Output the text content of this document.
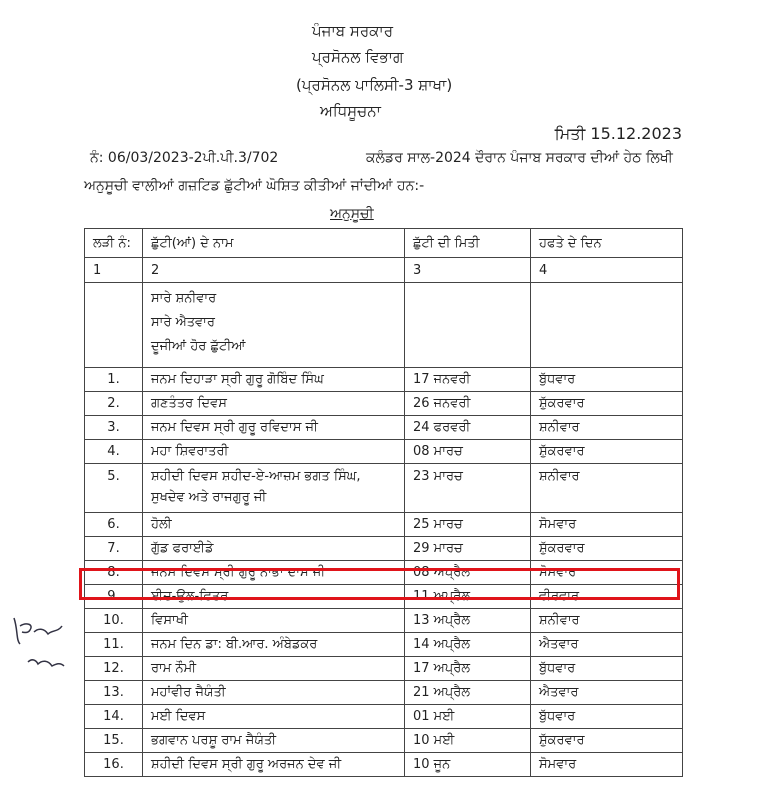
ਪੰਜਾਬ ਸਰਕਾਰ
ਪ੍ਰਸੋਨਲ ਵਿਭਾਗ
(ਪ੍ਰਸੋਨਲ ਪਾਲਿਸੀ-3 ਸ਼ਾਖਾ)
ਅਧਿਸੂਚਨਾ
ਮਿਤੀ 15.12.2023
ਨੰ: 06/03/2023-2ਪੀ.ਪੀ.3/702	ਕਲੰਡਰ ਸਾਲ-2024 ਦੌਰਾਨ ਪੰਜਾਬ ਸਰਕਾਰ ਦੀਆਂ ਹੇਠ ਲਿਖੀ
ਅਨੁਸੂਚੀ ਵਾਲੀਆਂ ਗਜ਼ਟਿਡ ਛੁੱਟੀਆਂ ਘੋਸ਼ਿਤ ਕੀਤੀਆਂ ਜਾਂਦੀਆਂ ਹਨ:-
ਅਨੁਸੂਚੀ
ਲੜੀ ਨੰ:	ਛੁੱਟੀ(ਆਂ) ਦੇ ਨਾਮ	ਛੁੱਟੀ ਦੀ ਮਿਤੀ	ਹਫਤੇ ਦੇ ਦਿਨ
1	2	3	4

	ਸਾਰੇ ਸ਼ਨੀਵਾਰ
ਸਾਰੇ ਐਤਵਾਰ
ਦੂਜੀਆਂ ਹੋਰ ਛੁੱਟੀਆਂ		

1.	ਜਨਮ ਦਿਹਾੜਾ ਸ੍ਰੀ ਗੁਰੂ ਗੋਬਿੰਦ ਸਿੰਘ	17 ਜਨਵਰੀ	ਬੁੱਧਵਾਰ
2.	ਗਣਤੰਤਰ ਦਿਵਸ	26 ਜਨਵਰੀ	ਸ਼ੁੱਕਰਵਾਰ
3.	ਜਨਮ ਦਿਵਸ ਸ੍ਰੀ ਗੁਰੂ ਰਵਿਦਾਸ ਜੀ	24 ਫਰਵਰੀ	ਸ਼ਨੀਵਾਰ
4.	ਮਹਾ ਸ਼ਿਵਰਾਤਰੀ	08 ਮਾਰਚ	ਸ਼ੁੱਕਰਵਾਰ
5.	ਸ਼ਹੀਦੀ ਦਿਵਸ ਸ਼ਹੀਦ-ਏ-ਆਜ਼ਮ ਭਗਤ ਸਿੰਘ,
ਸੁਖਦੇਵ ਅਤੇ ਰਾਜਗੁਰੂ ਜੀ	23 ਮਾਰਚ	ਸ਼ਨੀਵਾਰ
6.	ਹੋਲੀ	25 ਮਾਰਚ	ਸੋਮਵਾਰ
7.	ਗੁੱਡ ਫਰਾਈਡੇ	29 ਮਾਰਚ	ਸ਼ੁੱਕਰਵਾਰ
8.	ਜਨਮ ਦਿਵਸ ਸ੍ਰੀ ਗੁਰੂ ਨਾਭਾ ਦਾਸ ਜੀ	08 ਅਪ੍ਰੈਲ	ਸੋਮਵਾਰ
9.	ਈਦ-ਉਲ-ਫਿਤਰ	11 ਅਪ੍ਰੈਲ	ਵੀਰਵਾਰ
10.	ਵਿਸਾਖੀ	13 ਅਪ੍ਰੈਲ	ਸ਼ਨੀਵਾਰ
11.	ਜਨਮ ਦਿਨ ਡਾ: ਬੀ.ਆਰ. ਅੰਬੇਡਕਰ	14 ਅਪ੍ਰੈਲ	ਐਤਵਾਰ
12.	ਰਾਮ ਨੌਮੀ	17 ਅਪ੍ਰੈਲ	ਬੁੱਧਵਾਰ
13.	ਮਹਾਂਵੀਰ ਜੈਯੰਤੀ	21 ਅਪ੍ਰੈਲ	ਐਤਵਾਰ
14.	ਮਈ ਦਿਵਸ	01 ਮਈ	ਬੁੱਧਵਾਰ
15.	ਭਗਵਾਨ ਪਰਸ਼ੂ ਰਾਮ ਜੈਯੰਤੀ	10 ਮਈ	ਸ਼ੁੱਕਰਵਾਰ
16.	ਸ਼ਹੀਦੀ ਦਿਵਸ ਸ੍ਰੀ ਗੁਰੂ ਅਰਜਨ ਦੇਵ ਜੀ	10 ਜੂਨ	ਸੋਮਵਾਰ
